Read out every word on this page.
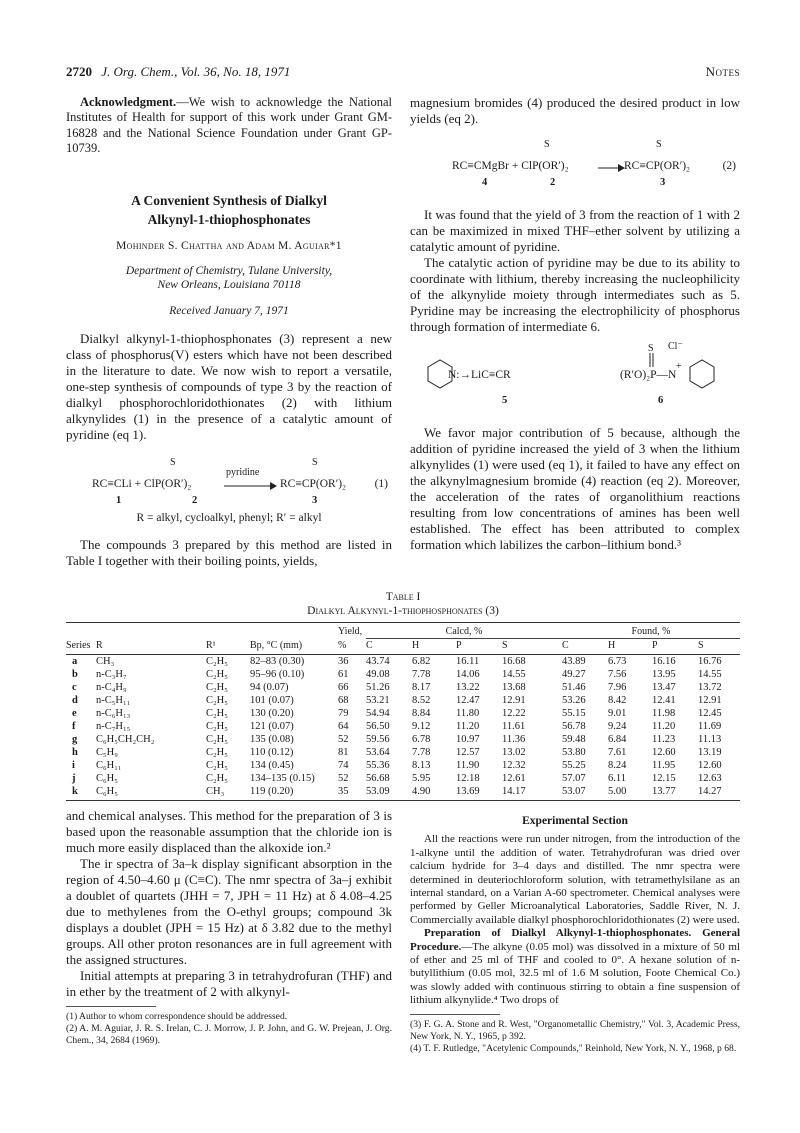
2720 J. Org. Chem., Vol. 36, No. 18, 1971	Notes

Acknowledgment.—We wish to acknowledge the National Institutes of Health for support of this work under Grant GM-16828 and the National Science Foundation under Grant GP-10739.

A Convenient Synthesis of Dialkyl
Alkynyl-1-thiophosphonates
Mohinder S. Chattha and Adam M. Aguiar*1
Department of Chemistry, Tulane University,
New Orleans, Louisiana 70118
Received January 7, 1971

Dialkyl alkynyl-1-thiophosphonates (3) represent a new class of phosphorus(V) esters which have not been described in the literature to date. We now wish to report a versatile, one-step synthesis of compounds of type 3 by the reaction of dialkyl phosphorochloridothionates (2) with lithium alkynylides (1) in the presence of a catalytic amount of pyridine (eq 1).

S	S
pyridine
RC≡CLi + ClP(OR′)₂	RC≡CP(OR′)₂ (1)
1	2	3
R = alkyl, cycloalkyl, phenyl; R′ = alkyl

The compounds 3 prepared by this method are listed in Table I together with their boiling points, yields,

magnesium bromides (4) produced the desired product in low yields (eq 2).

S	S
RC≡CMgBr + ClP(OR′)₂	RC≡CP(OR′)₂	(2)
4	2	3

It was found that the yield of 3 from the reaction of 1 with 2 can be maximized in mixed THF–ether solvent by utilizing a catalytic amount of pyridine.

The catalytic action of pyridine may be due to its ability to coordinate with lithium, thereby increasing the nucleophilicity of the alkynylide moiety through intermediates such as 5. Pyridine may be increasing the electrophilicity of phosphorus through formation of intermediate 6.

N:→LiC≡CR
5
S Cl⁻
+
(R′O)₂P—N
6

We favor major contribution of 5 because, although the addition of pyridine increased the yield of 3 when the lithium alkynylides (1) were used (eq 1), it failed to have any effect on the alkynylmagnesium bromide (4) reaction (eq 2). Moreover, the acceleration of the rates of organolithium reactions resulting from low concentrations of amines has been well established. The effect has been attributed to complex formation which labilizes the carbon–lithium bond.³

Table I
Dialkyl Alkynyl-1-thiophosphonates (3)

				Yield,	Calcd, %				Found, %			
Series	R	R¹	Bp, °C (mm)	%	C	H	P	S	C	H	P	S

a	CH₃	C₂H₅	82–83 (0.30)	36	43.74	6.82	16.11	16.68	43.89	6.73	16.16	16.76
b	n-C₃H₇	C₂H₅	95–96 (0.10)	61	49.08	7.78	14.06	14.55	49.27	7.56	13.95	14.55
c	n-C₄H₉	C₂H₅	94 (0.07)	66	51.26	8.17	13.22	13.68	51.46	7.96	13.47	13.72
d	n-C₅H₁₁	C₂H₅	101 (0.07)	68	53.21	8.52	12.47	12.91	53.26	8.42	12.41	12.91
e	n-C₆H₁₃	C₂H₅	130 (0.20)	79	54.94	8.84	11.80	12.22	55.15	9.01	11.98	12.45
f	n-C₇H₁₅	C₂H₅	121 (0.07)	64	56.50	9.12	11.20	11.61	56.78	9.24	11.20	11.69
g	C₆H₅CH₂CH₂	C₂H₅	135 (0.08)	52	59.56	6.78	10.97	11.36	59.48	6.84	11.23	11.13
h	C₅H₉	C₂H₅	110 (0.12)	81	53.64	7.78	12.57	13.02	53.80	7.61	12.60	13.19
i	C₆H₁₁	C₂H₅	134 (0.45)	74	55.36	8.13	11.90	12.32	55.25	8.24	11.95	12.60
j	C₆H₅	C₂H₅	134–135 (0.15)	52	56.68	5.95	12.18	12.61	57.07	6.11	12.15	12.63
k	C₆H₅	CH₃	119 (0.20)	35	53.09	4.90	13.69	14.17	53.07	5.00	13.77	14.27

and chemical analyses. This method for the preparation of 3 is based upon the reasonable assumption that the chloride ion is much more easily displaced than the alkoxide ion.²

The ir spectra of 3a–k display significant absorption in the region of 4.50–4.60 μ (C≡C). The nmr spectra of 3a–j exhibit a doublet of quartets (JHH = 7, JPH = 11 Hz) at δ 4.08–4.25 due to methylenes from the O-ethyl groups; compound 3k displays a doublet (JPH = 15 Hz) at δ 3.82 due to the methyl groups. All other proton resonances are in full agreement with the assigned structures.

Initial attempts at preparing 3 in tetrahydrofuran (THF) and in ether by the treatment of 2 with alkynyl-

(1) Author to whom correspondence should be addressed.

(2) A. M. Aguiar, J. R. S. Irelan, C. J. Morrow, J. P. John, and G. W. Prejean, J. Org. Chem., 34, 2684 (1969).

Experimental Section

All the reactions were run under nitrogen, from the introduction of the 1-alkyne until the addition of water. Tetrahydrofuran was dried over calcium hydride for 3–4 days and distilled. The nmr spectra were determined in deuteriochloroform solution, with tetramethylsilane as an internal standard, on a Varian A-60 spectrometer. Chemical analyses were performed by Geller Microanalytical Laboratories, Saddle River, N. J. Commercially available dialkyl phosphorochloridothionates (2) were used.

Preparation of Dialkyl Alkynyl-1-thiophosphonates. General Procedure.—The alkyne (0.05 mol) was dissolved in a mixture of 50 ml of ether and 25 ml of THF and cooled to 0°. A hexane solution of n-butyllithium (0.05 mol, 32.5 ml of 1.6 M solution, Foote Chemical Co.) was slowly added with continuous stirring to obtain a fine suspension of lithium alkynylide.⁴ Two drops of

(3) F. G. A. Stone and R. West, "Organometallic Chemistry," Vol. 3, Academic Press, New York, N. Y., 1965, p 392.

(4) T. F. Rutledge, "Acetylenic Compounds," Reinhold, New York, N. Y., 1968, p 68.
